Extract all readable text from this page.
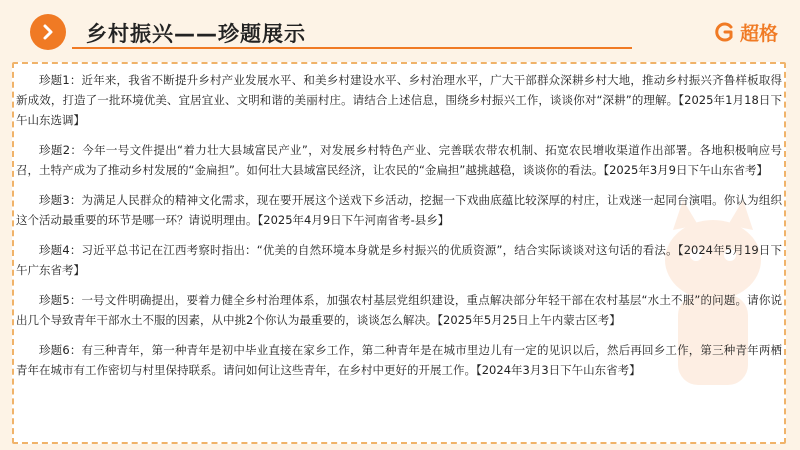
乡村振兴——珍题展示	超格

珍题1：近年来，我省不断提升乡村产业发展水平、和美乡村建设水平、乡村治理水平，广大干部群众深耕乡村大地，推动乡村振兴齐鲁样板取得新成效，打造了一批环境优美、宜居宜业、文明和谐的美丽村庄。请结合上述信息，围绕乡村振兴工作，谈谈你对“深耕”的理解。【2025年1月18日下午山东选调】

珍题2：今年一号文件提出“着力壮大县域富民产业”，对发展乡村特色产业、完善联农带农机制、拓宽农民增收渠道作出部署。各地积极响应号召，土特产成为了推动乡村发展的“金扁担”。如何壮大县域富民经济，让农民的“金扁担”越挑越稳，谈谈你的看法。【2025年3月9日下午山东省考】

珍题3：为满足人民群众的精神文化需求，现在要开展这个送戏下乡活动，挖掘一下戏曲底蕴比较深厚的村庄，让戏迷一起同台演唱。你认为组织这个活动最重要的环节是哪一环？请说明理由。【2025年4月9日下午河南省考-县乡】

珍题4：习近平总书记在江西考察时指出：“优美的自然环境本身就是乡村振兴的优质资源”，结合实际谈谈对这句话的看法。【2024年5月19日下午广东省考】

珍题5：一号文件明确提出，要着力健全乡村治理体系，加强农村基层党组织建设，重点解决部分年轻干部在农村基层“水土不服”的问题。请你说出几个导致青年干部水土不服的因素，从中挑2个你认为最重要的，谈谈怎么解决。【2025年5月25日上午内蒙古区考】

珍题6：有三种青年，第一种青年是初中毕业直接在家乡工作，第二种青年是在城市里边儿有一定的见识以后，然后再回乡工作，第三种青年两栖青年在城市有工作密切与村里保持联系。请问如何让这些青年，在乡村中更好的开展工作。【2024年3月3日下午山东省考】
